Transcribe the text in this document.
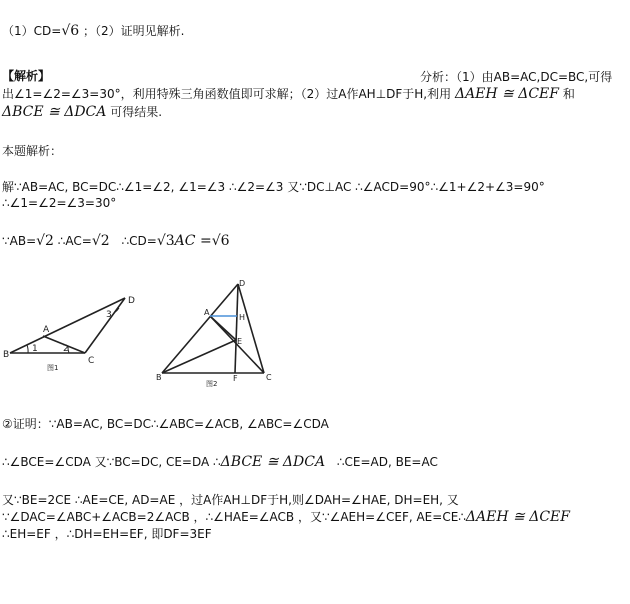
（1）CD=√6 ；（2）证明见解析.
【解析】	分析：（1）由AB=AC,DC=BC,可得
出∠1=∠2=∠3=30°，利用特殊三角函数值即可求解；（2）过A作AH⊥DF于H,利用 ΔAEH ≅ ΔCEF 和
ΔBCE ≅ ΔDCA 可得结果.
本题解析：
解∵AB=AC, BC=DC∴∠1=∠2, ∠1=∠3 ∴∠2=∠3 又∵DC⊥AC ∴∠ACD=90°∴∠1+∠2+∠3=90°
∴∠1=∠2=∠3=30°
∵AB=√2 ∴AC=√2 ∴CD=√3AC =√6
A
B
C
D
1	2
3
图1
D
A
H
E
B	F	C
图2
②证明：∵AB=AC, BC=DC∴∠ABC=∠ACB, ∠ABC=∠CDA
∴∠BCE=∠CDA 又∵BC=DC, CE=DA ∴ΔBCE ≅ ΔDCA ∴CE=AD, BE=AC
又∵BE=2CE ∴AE=CE, AD=AE ，过A作AH⊥DF于H,则∠DAH=∠HAE, DH=EH, 又
∵∠DAC=∠ABC+∠ACB=2∠ACB ，∴∠HAE=∠ACB ，又∵∠AEH=∠CEF, AE=CE∴ΔAEH ≅ ΔCEF
∴EH=EF ，∴DH=EH=EF, 即DF=3EF
